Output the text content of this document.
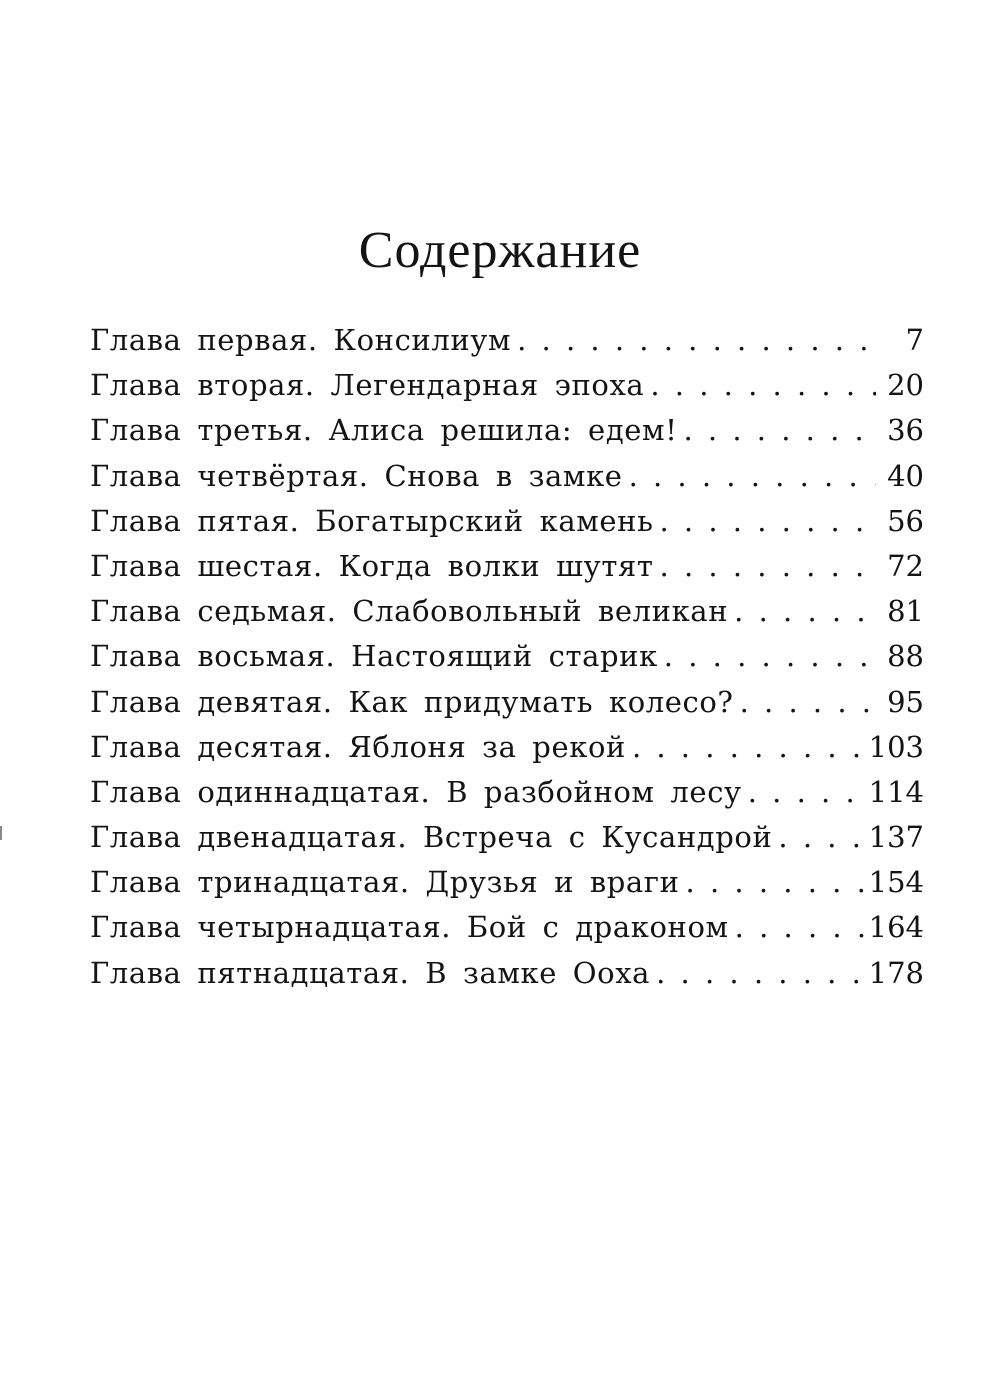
Содержание
Глава первая. Консилиум . . .	7
Глава вторая. Легендарная эпоха . . .	20
Глава третья. Алиса решила: едем! . . .	36
Глава четвёртая. Снова в замке . . .	40
Глава пятая. Богатырский камень . . .	56
Глава шестая. Когда волки шутят . . .	72
Глава седьмая. Слабовольный великан . . .	81
Глава восьмая. Настоящий старик . . .	88
Глава девятая. Как придумать колесо? . . .	95
Глава десятая. Яблоня за рекой . . .	103
Глава одиннадцатая. В разбойном лесу . . .	114
Глава двенадцатая. Встреча с Кусандрой . . .	137
Глава тринадцатая. Друзья и враги . . .	154
Глава четырнадцатая. Бой с драконом . . .	164
Глава пятнадцатая. В замке Ооха . . .	178
